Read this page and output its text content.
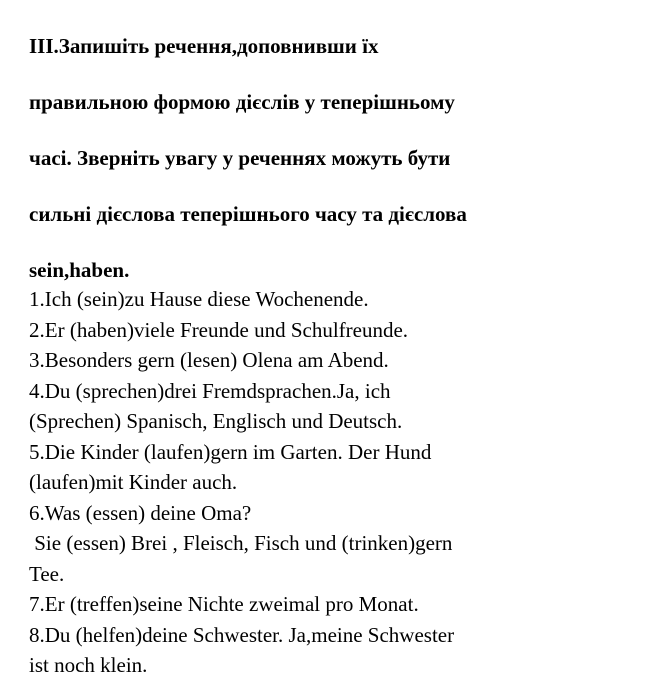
III.Запишіть речення,доповнивши їх

правильною формою дієслів у теперішньому

часі. Зверніть увагу у реченнях можуть бути

сильні дієслова теперішнього часу та дієслова

sein,haben.

1.Ich (sein)zu Hause diese Wochenende.

2.Er (haben)viele Freunde und Schulfreunde.

3.Besonders gern (lesen) Olena am Abend.

4.Du (sprechen)drei Fremdsprachen.Ja, ich

(Sprechen) Spanisch, Englisch und Deutsch.

5.Die Kinder (laufen)gern im Garten. Der Hund

(laufen)mit Kinder auch.

6.Was (essen) deine Oma?

Sie (essen) Brei , Fleisch, Fisch und (trinken)gern

Tee.

7.Er (treffen)seine Nichte zweimal pro Monat.

8.Du (helfen)deine Schwester. Ja,meine Schwester

ist noch klein.
